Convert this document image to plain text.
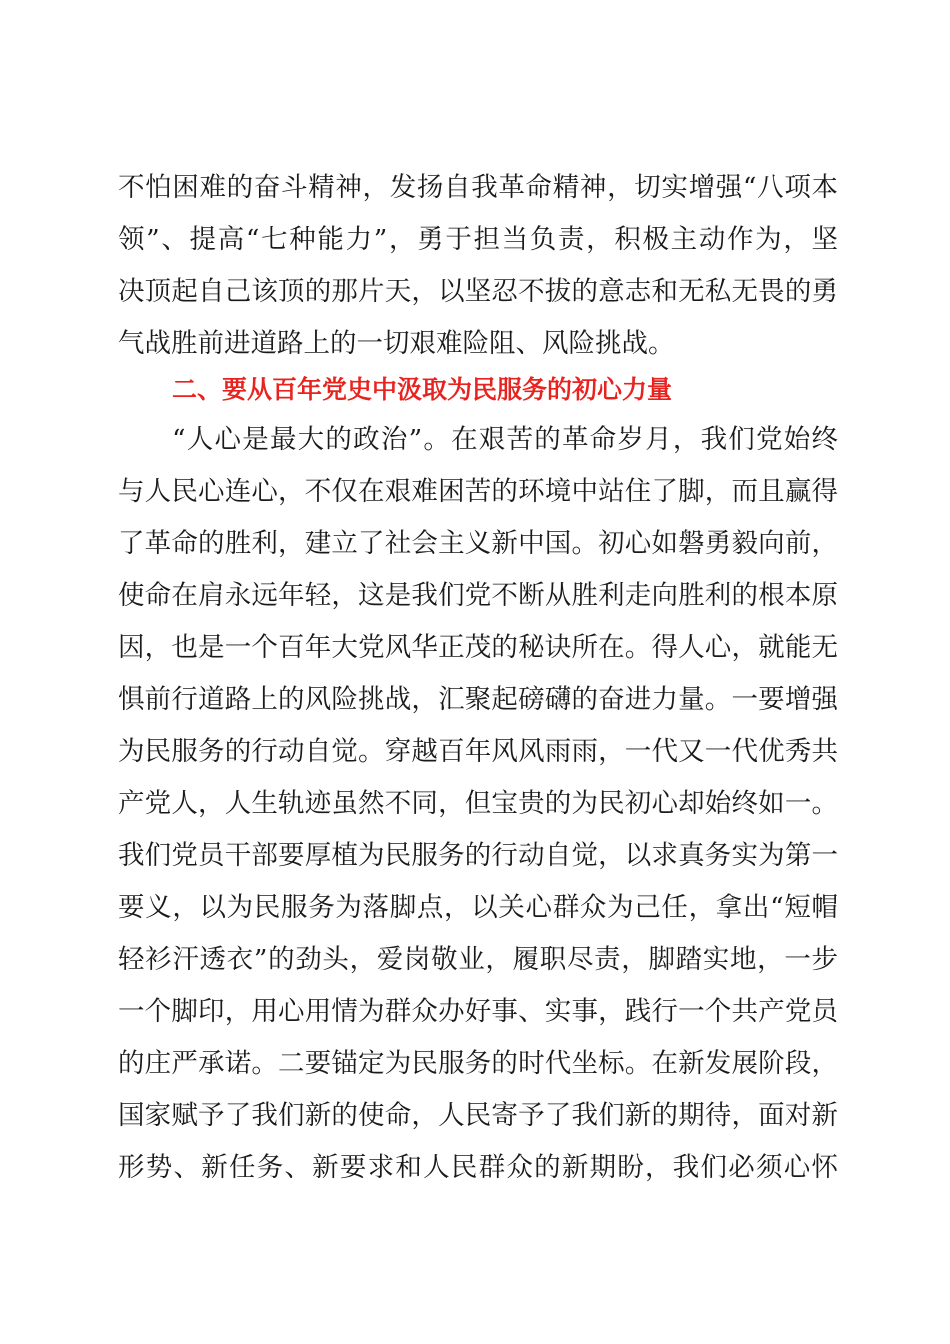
不怕困难的奋斗精神，发扬自我革命精神，切实增强“八项本
领”、提高“七种能力”，勇于担当负责，积极主动作为，坚
决顶起自己该顶的那片天，以坚忍不拔的意志和无私无畏的勇
气战胜前进道路上的一切艰难险阻、风险挑战。
二、要从百年党史中汲取为民服务的初心力量
“人心是最大的政治”。在艰苦的革命岁月，我们党始终
与人民心连心，不仅在艰难困苦的环境中站住了脚，而且赢得
了革命的胜利，建立了社会主义新中国。初心如磐勇毅向前，
使命在肩永远年轻，这是我们党不断从胜利走向胜利的根本原
因，也是一个百年大党风华正茂的秘诀所在。得人心，就能无
惧前行道路上的风险挑战，汇聚起磅礴的奋进力量。一要增强
为民服务的行动自觉。穿越百年风风雨雨，一代又一代优秀共
产党人，人生轨迹虽然不同，但宝贵的为民初心却始终如一。
我们党员干部要厚植为民服务的行动自觉，以求真务实为第一
要义，以为民服务为落脚点，以关心群众为己任，拿出“短帽
轻衫汗透衣”的劲头，爱岗敬业，履职尽责，脚踏实地，一步
一个脚印，用心用情为群众办好事、实事，践行一个共产党员
的庄严承诺。二要锚定为民服务的时代坐标。在新发展阶段，
国家赋予了我们新的使命，人民寄予了我们新的期待，面对新
形势、新任务、新要求和人民群众的新期盼，我们必须心怀
